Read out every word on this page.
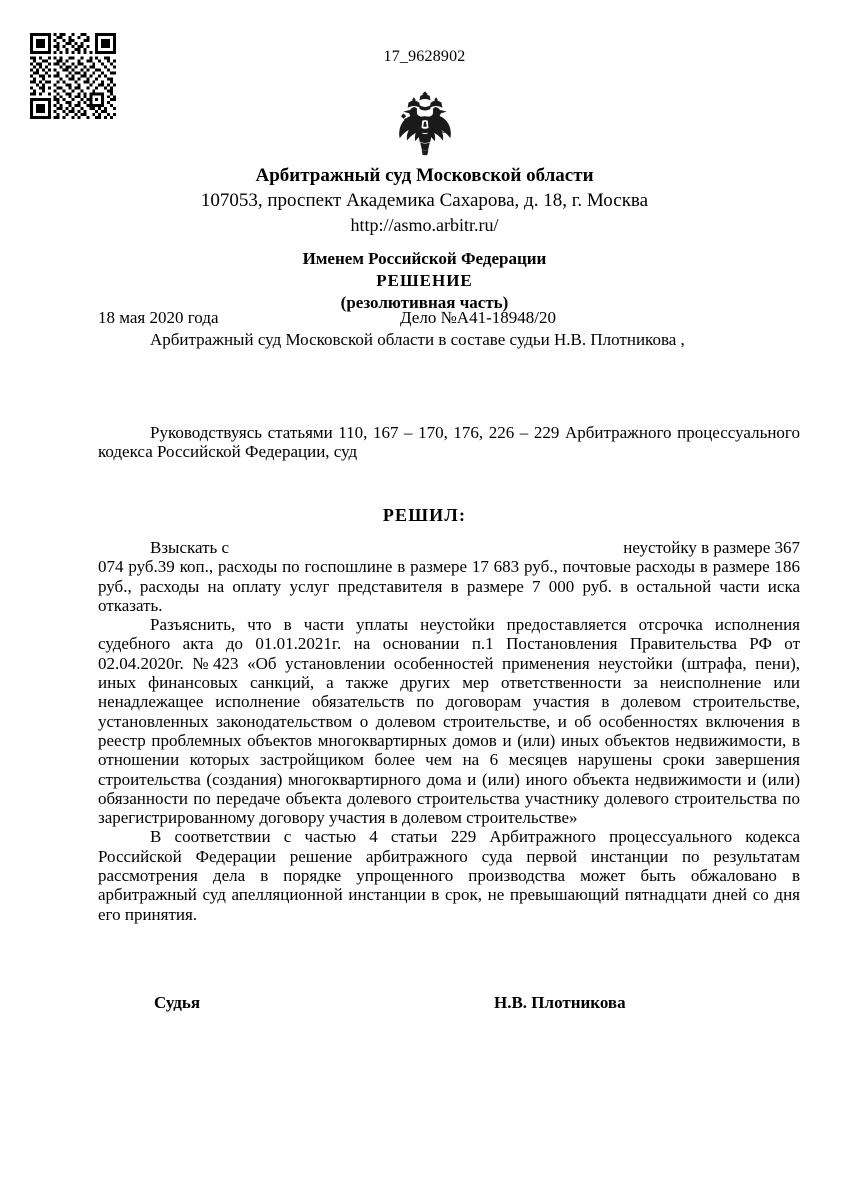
17_9628902
Арбитражный суд Московской области
107053, проспект Академика Сахарова, д. 18, г. Москва
http://asmo.arbitr.ru/
Именем Российской Федерации
РЕШЕНИЕ
(резолютивная часть)
18 мая 2020 года	Дело №А41-18948/20
Арбитражный суд Московской области в составе судьи Н.В. Плотникова ,

Руководствуясь статьями 110, 167 – 170, 176, 226 – 229 Арбитражного процессуального кодекса Российской Федерации, суд

РЕШИЛ:
Взыскать с	неустойку в размере 367

074 руб.39 коп., расходы по госпошлине в размере 17 683 руб., почтовые расходы в размере 186 руб., расходы на оплату услуг представителя в размере 7 000 руб. в остальной части иска отказать.

Разъяснить, что в части уплаты неустойки предоставляется отсрочка исполнения судебного акта до 01.01.2021г. на основании п.1 Постановления Правительства РФ от 02.04.2020г. №423 «Об установлении особенностей применения неустойки (штрафа, пени), иных финансовых санкций, а также других мер ответственности за неисполнение или ненадлежащее исполнение обязательств по договорам участия в долевом строительстве, установленных законодательством о долевом строительстве, и об особенностях включения в реестр проблемных объектов многоквартирных домов и (или) иных объектов недвижимости, в отношении которых застройщиком более чем на 6 месяцев нарушены сроки завершения строительства (создания) многоквартирного дома и (или) иного объекта недвижимости и (или) обязанности по передаче объекта долевого строительства участнику долевого строительства по зарегистрированному договору участия в долевом строительстве»

В соответствии с частью 4 статьи 229 Арбитражного процессуального кодекса Российской Федерации решение арбитражного суда первой инстанции по результатам рассмотрения дела в порядке упрощенного производства может быть обжаловано в арбитражный суд апелляционной инстанции в срок, не превышающий пятнадцати дней со дня его принятия.

Судья	Н.В. Плотникова
